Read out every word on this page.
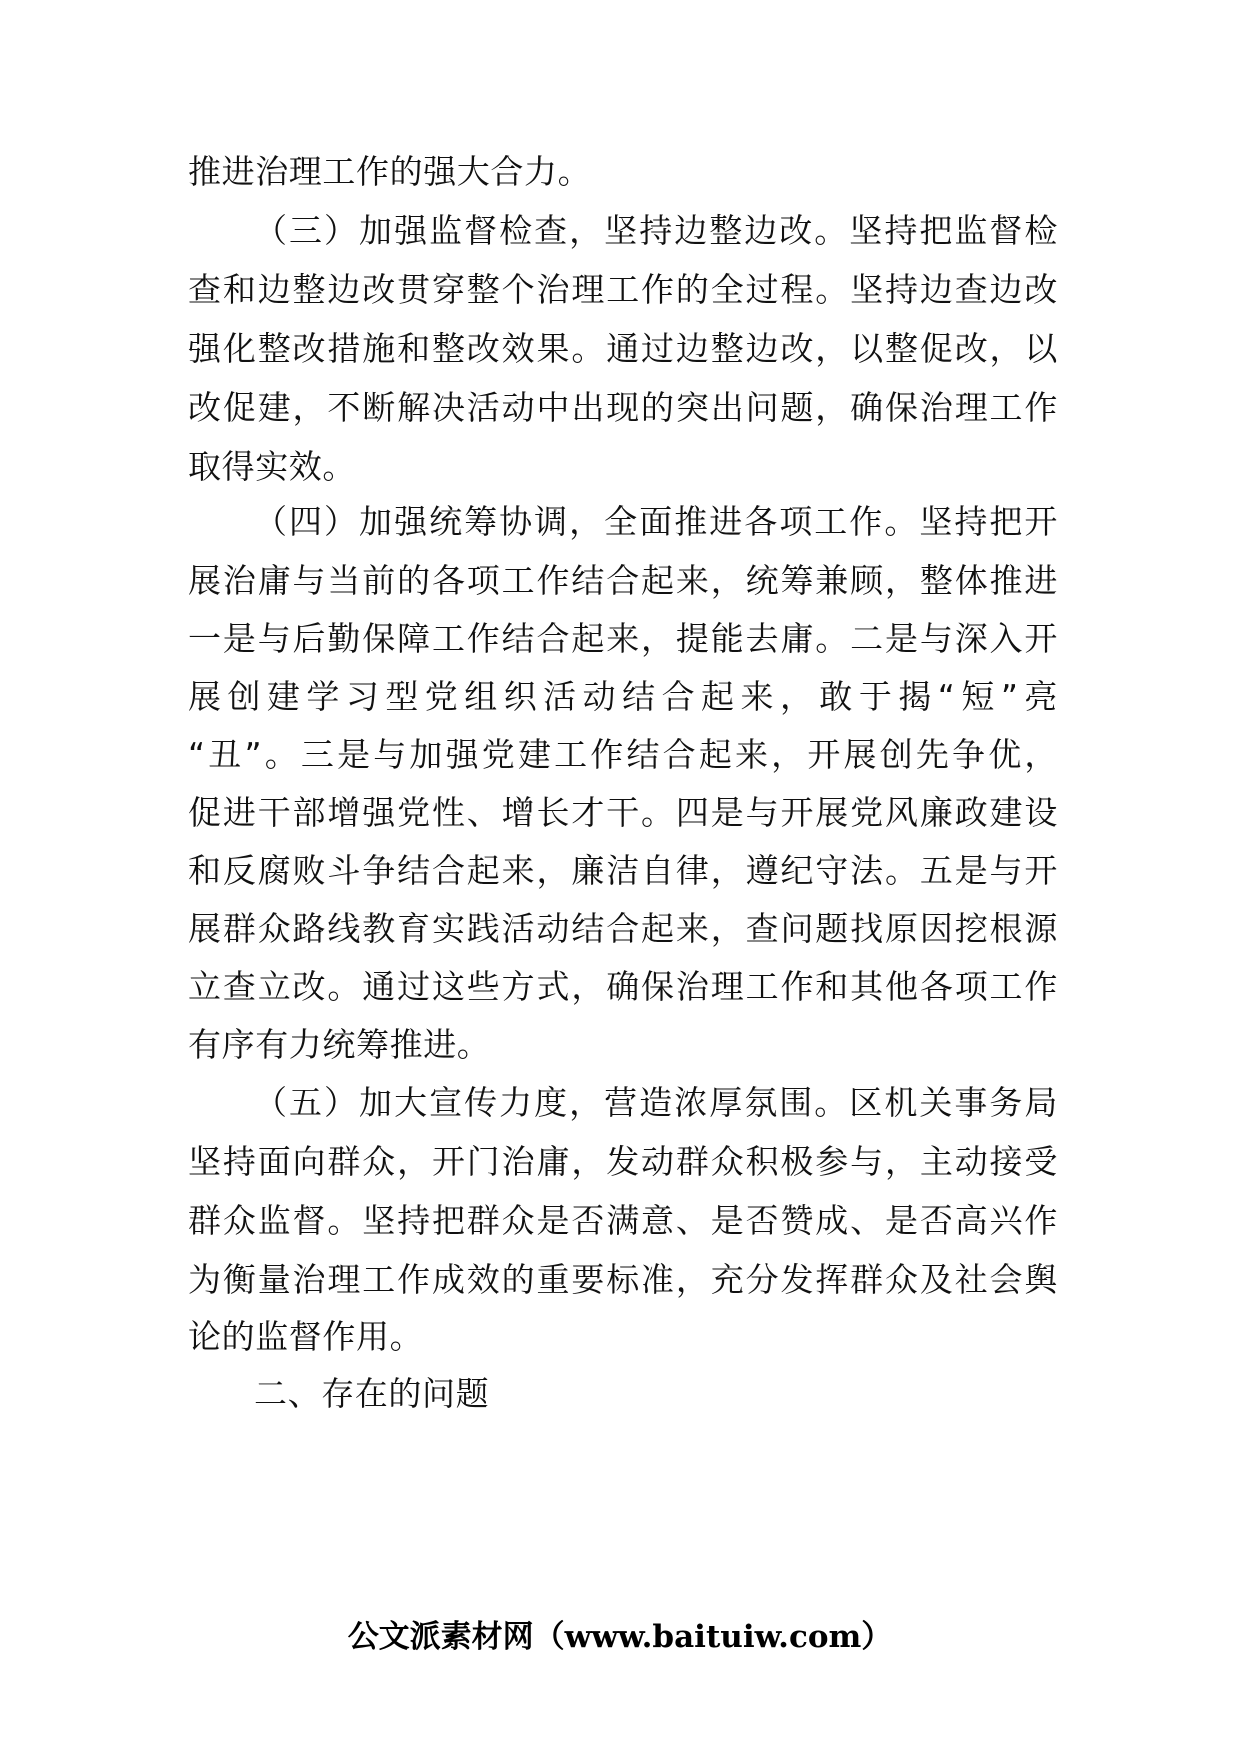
推进治理工作的强大合力。
（三）加强监督检查，坚持边整边改。坚持把监督检
查和边整边改贯穿整个治理工作的全过程。坚持边查边改
强化整改措施和整改效果。通过边整边改，以整促改，以
改促建，不断解决活动中出现的突出问题，确保治理工作
取得实效。
（四）加强统筹协调，全面推进各项工作。坚持把开
展治庸与当前的各项工作结合起来，统筹兼顾，整体推进
一是与后勤保障工作结合起来，提能去庸。二是与深入开
展创建学习型党组织活动结合起来，敢于揭“短”亮
“丑”。三是与加强党建工作结合起来，开展创先争优，
促进干部增强党性、增长才干。四是与开展党风廉政建设
和反腐败斗争结合起来，廉洁自律，遵纪守法。五是与开
展群众路线教育实践活动结合起来，查问题找原因挖根源
立查立改。通过这些方式，确保治理工作和其他各项工作
有序有力统筹推进。
（五）加大宣传力度，营造浓厚氛围。区机关事务局
坚持面向群众，开门治庸，发动群众积极参与，主动接受
群众监督。坚持把群众是否满意、是否赞成、是否高兴作
为衡量治理工作成效的重要标准，充分发挥群众及社会舆
论的监督作用。
二、存在的问题
公文派素材网（www.baituiw.com）
